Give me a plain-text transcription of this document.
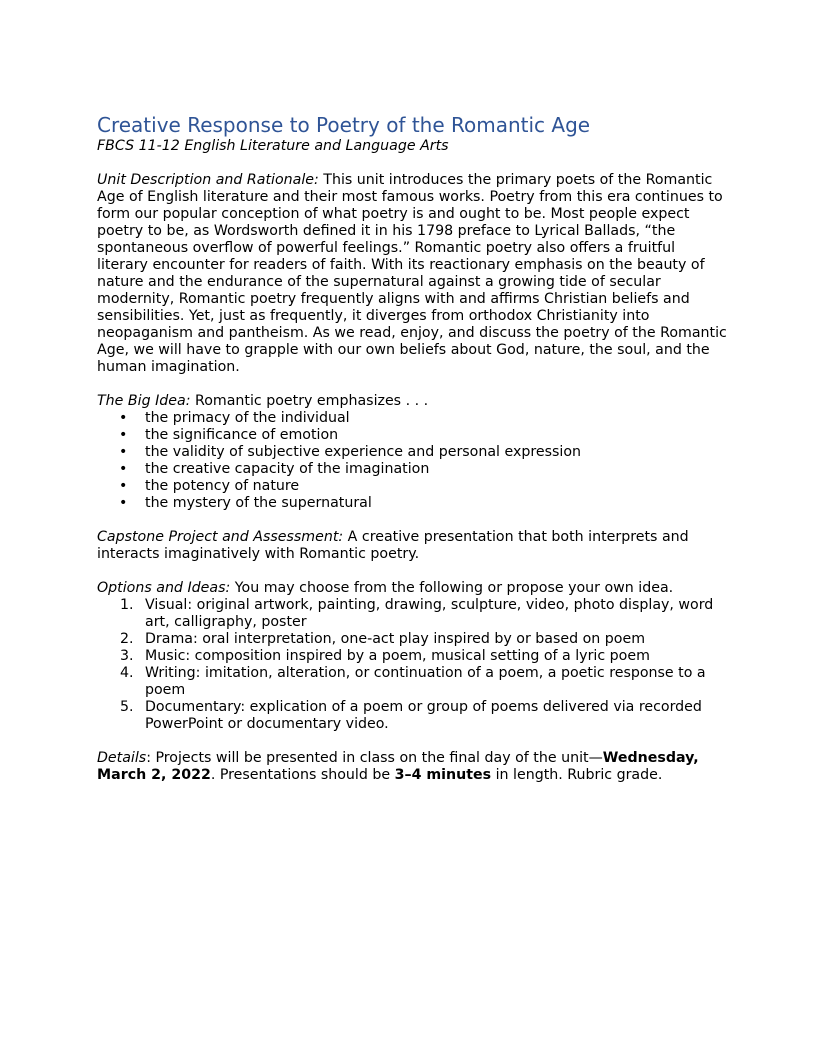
Creative Response to Poetry of the Romantic Age

FBCS 11-12 English Literature and Language Arts

Unit Description and Rationale: This unit introduces the primary poets of the Romantic Age of English literature and their most famous works. Poetry from this era continues to form our popular conception of what poetry is and ought to be. Most people expect poetry to be, as Wordsworth defined it in his 1798 preface to Lyrical Ballads, “the spontaneous overflow of powerful feelings.” Romantic poetry also offers a fruitful literary encounter for readers of faith. With its reactionary emphasis on the beauty of nature and the endurance of the supernatural against a growing tide of secular modernity, Romantic poetry frequently aligns with and affirms Christian beliefs and sensibilities. Yet, just as frequently, it diverges from orthodox Christianity into neopaganism and pantheism. As we read, enjoy, and discuss the poetry of the Romantic Age, we will have to grapple with our own beliefs about God, nature, the soul, and the human imagination.

The Big Idea: Romantic poetry emphasizes . . .

• the primacy of the individual
• the significance of emotion
• the validity of subjective experience and personal expression
• the creative capacity of the imagination
• the potency of nature
• the mystery of the supernatural

Capstone Project and Assessment: A creative presentation that both interprets and interacts imaginatively with Romantic poetry.

Options and Ideas: You may choose from the following or propose your own idea.

1. Visual: original artwork, painting, drawing, sculpture, video, photo display, word art, calligraphy, poster
2. Drama: oral interpretation, one-act play inspired by or based on poem
3. Music: composition inspired by a poem, musical setting of a lyric poem
4. Writing: imitation, alteration, or continuation of a poem, a poetic response to a poem
5. Documentary: explication of a poem or group of poems delivered via recorded PowerPoint or documentary video.

Details: Projects will be presented in class on the final day of the unit—Wednesday, March 2, 2022. Presentations should be 3–4 minutes in length. Rubric grade.
